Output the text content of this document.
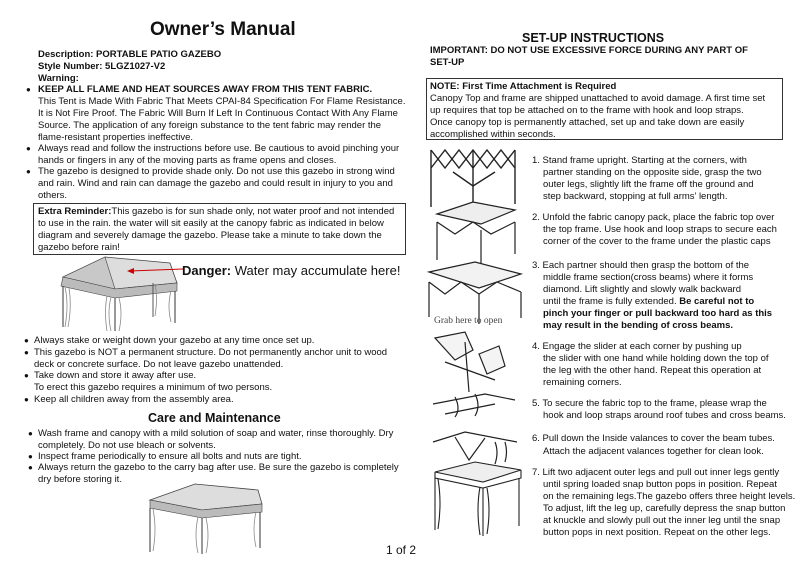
Owner’s Manual
Description: PORTABLE PATIO GAZEBO
Style Number: 5LGZ1027-V2
Warning:
● KEEP ALL FLAME AND HEAT SOURCES AWAY FROM THIS TENT FABRIC.
This Tent is Made With Fabric That Meets CPAI-84 Specification For Flame Resistance.
It is Not Fire Proof. The Fabric Will Burn If Left In Continuous Contact With Any Flame
Source. The application of any foreign substance to the tent fabric may render the
flame-resistant properties ineffective.
● Always read and follow the instructions before use. Be cautious to avoid pinching your
hands or fingers in any of the moving parts as frame opens and closes.
● The gazebo is designed to provide shade only. Do not use this gazebo in strong wind
and rain. Wind and rain can damage the gazebo and could result in injury to you and
others.
Extra Reminder:This gazebo is for sun shade only, not water proof and not intended
to use in the rain. the water will sit easily at the canopy fabric as indicated in below
diagram and severely damage the gazebo. Please take a minute to take down the
gazebo before rain!
Danger: Water may accumulate here!
● Always stake or weight down your gazebo at any time once set up.
● This gazebo is NOT a permanent structure. Do not permanently anchor unit to wood
deck or concrete surface. Do not leave gazebo unattended.
● Take down and store it away after use.
To erect this gazebo requires a minimum of two persons.
● Keep all children away from the assembly area.
Care and Maintenance
● Wash frame and canopy with a mild solution of soap and water, rinse thoroughly. Dry
completely. Do not use bleach or solvents.
● Inspect frame periodically to ensure all bolts and nuts are tight.
● Always return the gazebo to the carry bag after use. Be sure the gazebo is completely
dry before storing it.
SET-UP INSTRUCTIONS
IMPORTANT: DO NOT USE EXCESSIVE FORCE DURING ANY PART OF
SET-UP
NOTE: First Time Attachment is Required
Canopy Top and frame are shipped unattached to avoid damage. A first time set
up requires that top be attached on to the frame with hook and loop straps.
Once canopy top is permanently attached, set up and take down are easily
accomplished within seconds.
Grab here to open
1. Stand frame upright. Starting at the corners, with
partner standing on the opposite side, grasp the two
outer legs, slightly lift the frame off the ground and
step backward, stopping at full arms’ length.
2. Unfold the fabric canopy pack, place the fabric top over
the top frame. Use hook and loop straps to secure each
corner of the cover to the frame under the plastic caps
3. Each partner should then grasp the bottom of the
middle frame section(cross beams) where it forms
diamond. Lift slightly and slowly walk backward
until the frame is fully extended. Be careful not to
pinch your finger or pull backward too hard as this
may result in the bending of cross beams.
4. Engage the slider at each corner by pushing up
the slider with one hand while holding down the top of
the leg with the other hand. Repeat this operation at
remaining corners.
5. To secure the fabric top to the frame, please wrap the
hook and loop straps around roof tubes and cross beams.
6. Pull down the Inside valances to cover the beam tubes.
Attach the adjacent valances together for clean look.
7. Lift two adjacent outer legs and pull out inner legs gently
until spring loaded snap button pops in position. Repeat
on the remaining legs.The gazebo offers three height levels.
To adjust, lift the leg up, carefully depress the snap button
at knuckle and slowly pull out the inner leg until the snap
button pops in next position. Repeat on the other legs.
1 of 2
